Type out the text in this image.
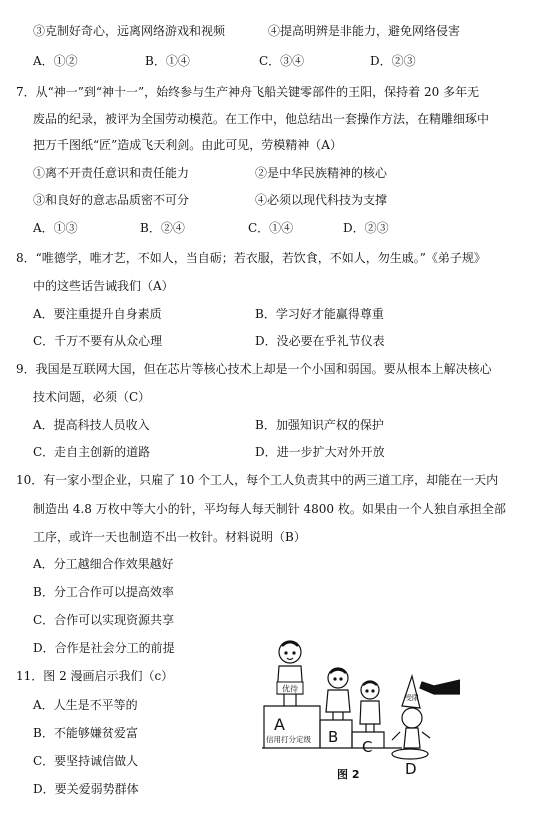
③克制好奇心，远离网络游戏和视频	④提高明辨是非能力，避免网络侵害
A．①②	B．①④	C．③④	D．②③
7．从“神一”到“神十一”，始终参与生产神舟飞船关键零部件的王阳，保持着 20 多年无
废品的纪录，被评为全国劳动模范。在工作中，他总结出一套操作方法，在精雕细琢中
把万千图纸“匠”造成飞天利剑。由此可见，劳模精神（A）
①离不开责任意识和责任能力	②是中华民族精神的核心
③和良好的意志品质密不可分	④必须以现代科技为支撑
A．①③	B．②④	C．①④	D．②③
8．“唯德学，唯才艺，不如人，当自砺；若衣服，若饮食，不如人，勿生戚。”《弟子规》
中的这些话告诫我们（A）
A．要注重提升自身素质	B．学习好才能赢得尊重
C．千万不要有从众心理	D．没必要在乎礼节仪表
9．我国是互联网大国，但在芯片等核心技术上却是一个小国和弱国。要从根本上解决核心
技术问题，必须（C）
A．提高科技人员收入	B．加强知识产权的保护
C．走自主创新的道路	D．进一步扩大对外开放
10．有一家小型企业，只雇了 10 个工人，每个工人负责其中的两三道工序，却能在一天内
制造出 4.8 万枚中等大小的针，平均每人每天制针 4800 枚。如果由一个人独自承担全部
工序，或许一天也制造不出一枚针。材料说明（B）
A．分工越细合作效果越好
B．分工合作可以提高效率
C．合作可以实现资源共享
D．合作是社会分工的前提
11．图 2 漫画启示我们（c）
A．人生是不平等的
B．不能够嫌贫爱富
C．要坚持诚信做人
D．要关爱弱势群体
优待
受限
信用打分定级
A
B
C
D
图 2
